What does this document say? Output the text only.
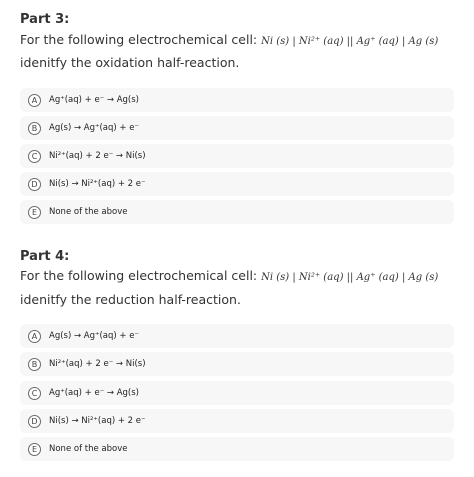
Part 3:
For the following electrochemical cell: Ni (s) | Ni²⁺ (aq) || Ag⁺ (aq) | Ag (s)
idenitfy the oxidation half-reaction.
A	Ag⁺(aq) + e⁻ → Ag(s)
B	Ag(s) → Ag⁺(aq) + e⁻
C	Ni²⁺(aq) + 2 e⁻ → Ni(s)
D	Ni(s) → Ni²⁺(aq) + 2 e⁻
E	None of the above
Part 4:
For the following electrochemical cell: Ni (s) | Ni²⁺ (aq) || Ag⁺ (aq) | Ag (s)
idenitfy the reduction half-reaction.
A	Ag(s) → Ag⁺(aq) + e⁻
B	Ni²⁺(aq) + 2 e⁻ → Ni(s)
C	Ag⁺(aq) + e⁻ → Ag(s)
D	Ni(s) → Ni²⁺(aq) + 2 e⁻
E	None of the above
